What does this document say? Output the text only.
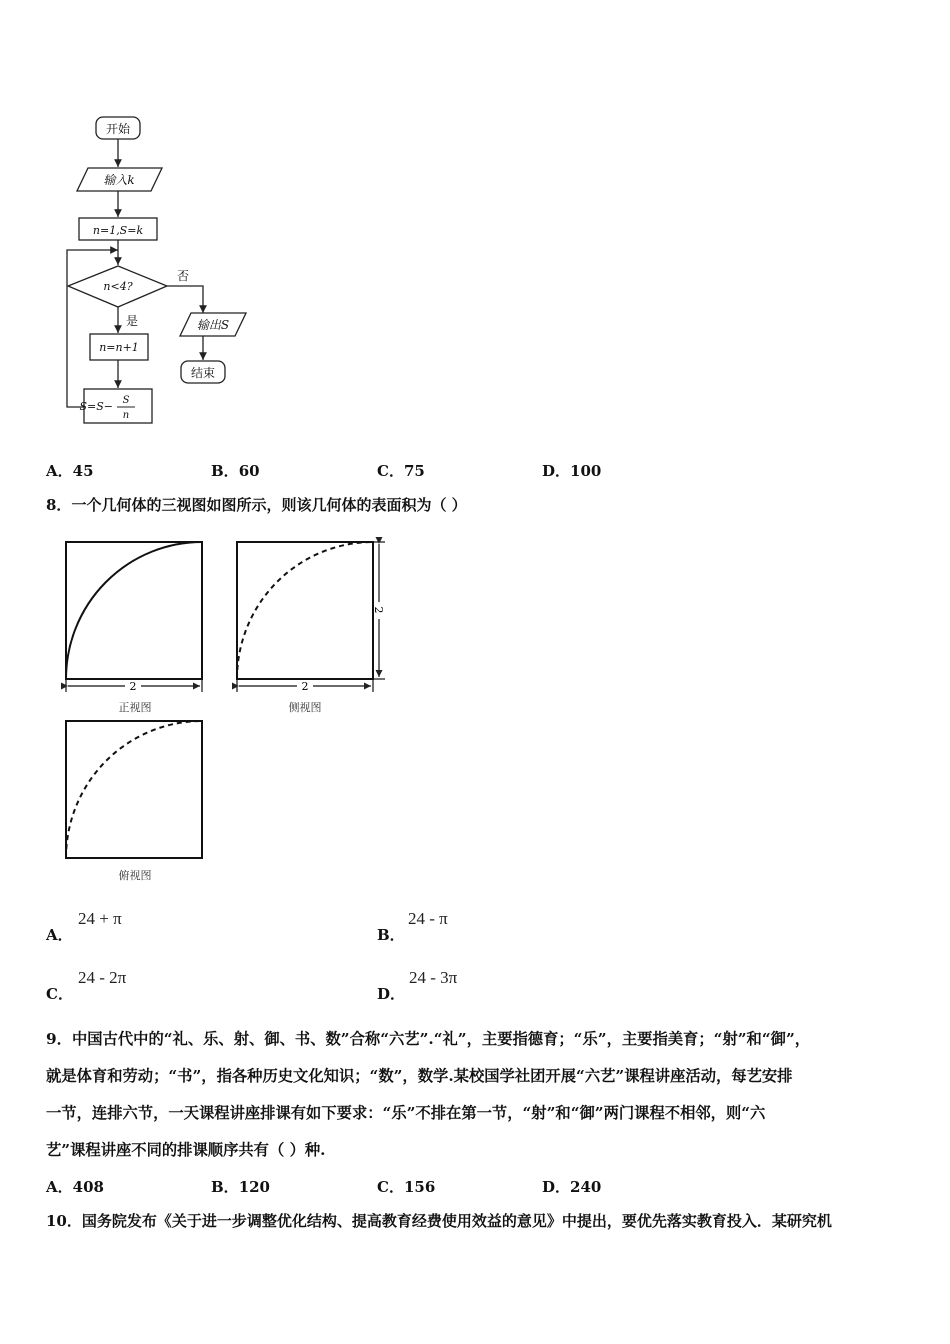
开始
输入k
n=1,S=k
n<4?
否
是	输出S
结束
n=n+1
S=S− S
n
A．45	B．60	C．75	D．100
8．一个几何体的三视图如图所示，则该几何体的表面积为（ ）
2
正视图
2
2
侧视图
俯视图
A．
24 + π
B．
24 - π
C．
24 - 2π
D．
24 - 3π
9．中国古代中的“礼、乐、射、御、书、数”合称“六艺”.“礼”，主要指德育；“乐”，主要指美育；“射”和“御”，
就是体育和劳动；“书”，指各种历史文化知识；“数”，数学.某校国学社团开展“六艺”课程讲座活动，每艺安排
一节，连排六节，一天课程讲座排课有如下要求：“乐”不排在第一节，“射”和“御”两门课程不相邻，则“六
艺”课程讲座不同的排课顺序共有（ ）种.
A．408	B．120	C．156	D．240
10．国务院发布《关于进一步调整优化结构、提高教育经费使用效益的意见》中提出，要优先落实教育投入．某研究机
